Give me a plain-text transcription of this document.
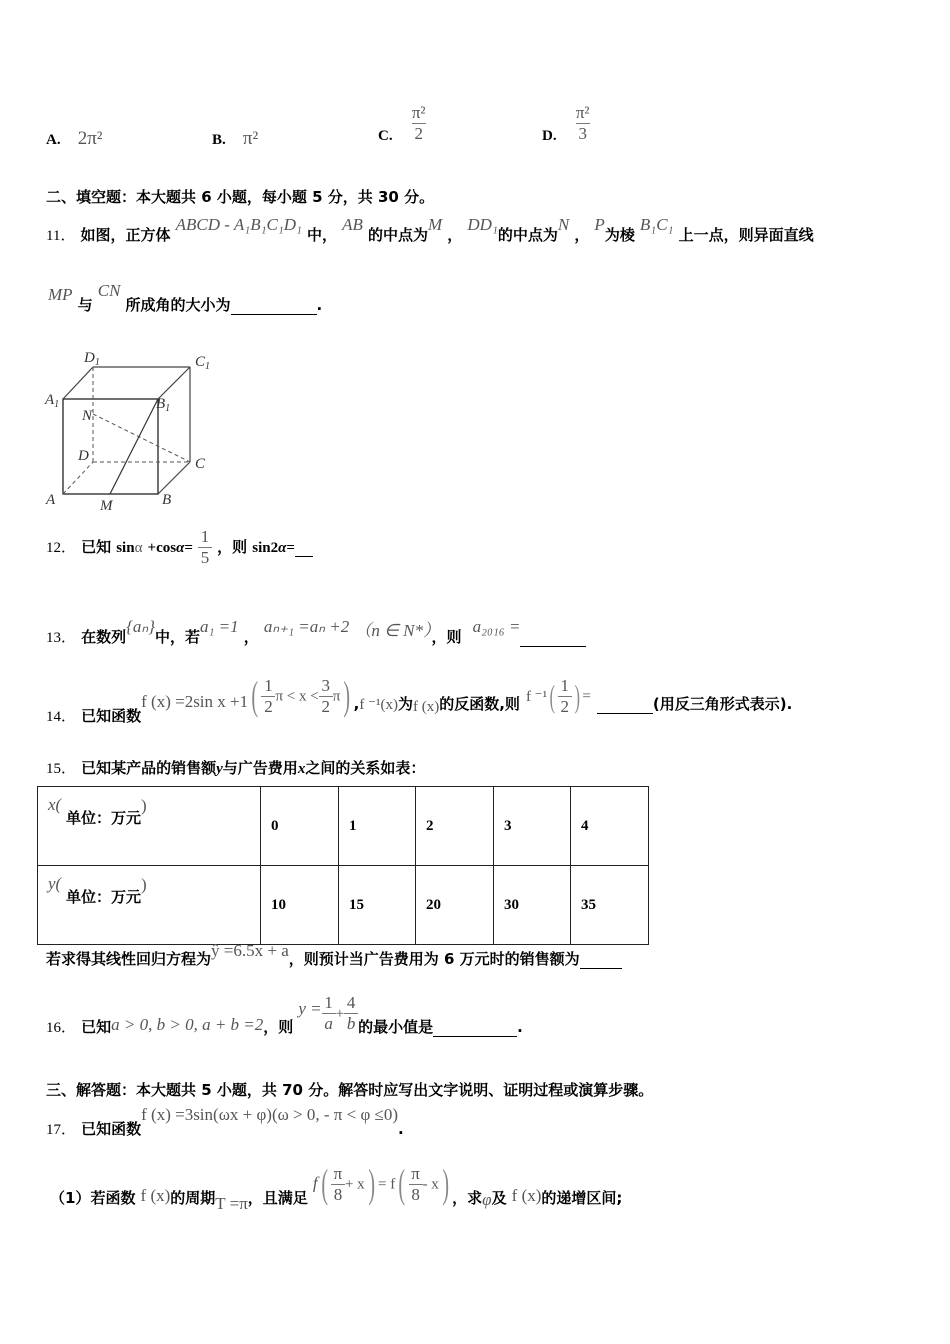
A. 2π²	B. π²	C. $\frac{\text{π²}}{2}$	D. $\frac{\text{π²}}{3}$
二、填空题：本大题共 6 小题，每小题 5 分，共 30 分。
11． 如图，正方体 ABCD - A₁B₁C₁D₁ 中， AB 的中点为M ， DD₁的中点为N ， P为棱 B₁C₁ 上一点，则异面直线
MP 与 CN 所成角的大小为	.
$D_1$	$C_1$
$A_1$	$B_1$
N
D	C
A	B
M
12． 已知 $\sin\alpha +\cos\alpha= \frac{1}{5}$ ，则 sin2α=
13． 在数列{aₙ}中，若a₁ =1 ， aₙ₊₁ =aₙ +2 （n ∈ N*），则 a₂₀₁₆ =
14． 已知函数f (x) =2sin $x +1( \frac{1}{2}$ $\pi < x < \frac{3}{2} \pi$) ,f ⁻¹(x)为f (x)的反函数,则 f $^{-1}( \frac{1}{2}$ ) =	(用反三角形式表示).
15． 已知某产品的销售额y与广告费用x之间的关系如表：
x(
单位：万元)	0	1	2	3	4
y(
单位：万元)	10	15	20	30	35
若求得其线性回归方程为ŷ =6.5x + a，则预计当广告费用为 6 万元时的销售额为
16． 已知a > 0, b > 0, a + b =2，则 $y = \frac{1}{a} + \frac{4}{b}$ 的最小值是	.
三、解答题：本大题共 5 小题，共 70 分。解答时应写出文字说明、证明过程或演算步骤。
17． 已知函数f (x) =3sin(ωx + φ)(ω > 0, - π < φ ≤0).
（1）若函数 f (x)的周期T =π，且满足 $f( \frac{\pi}{8} + x) = f( \frac{\pi}{8} - x)$ ，求φ及 f (x)的递增区间;
